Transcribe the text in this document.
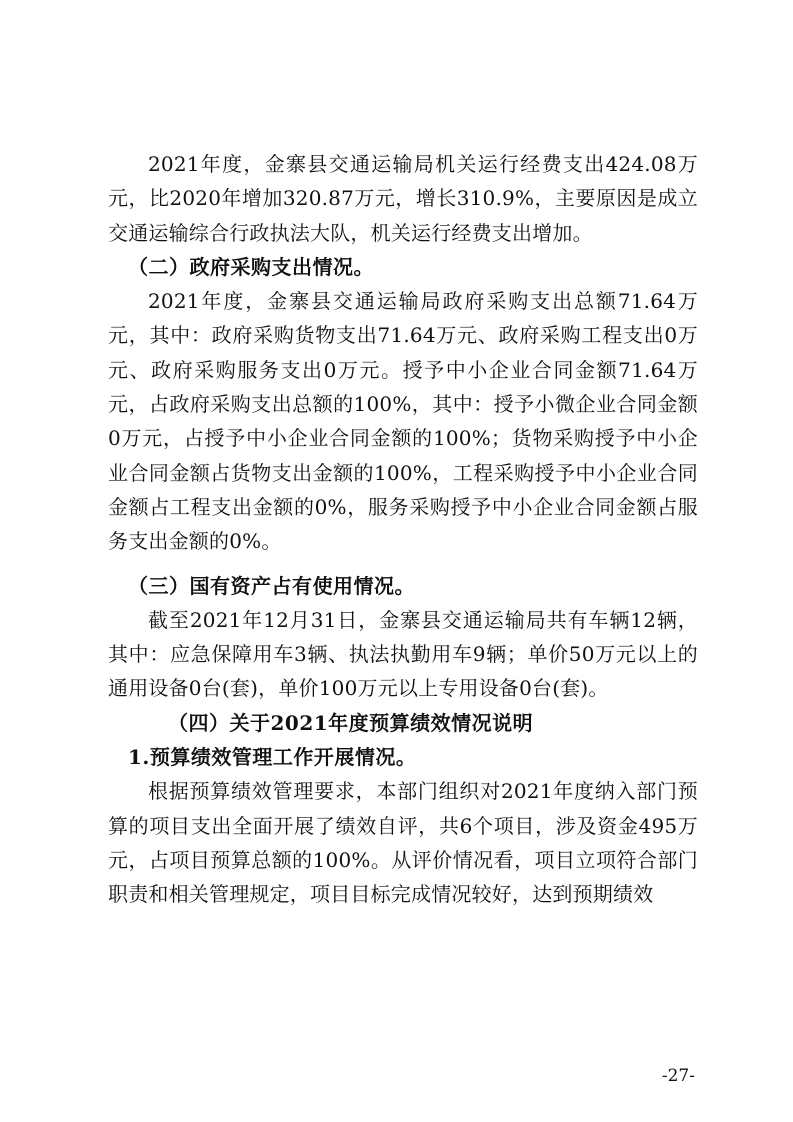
2021年度，金寨县交通运输局机关运行经费支出424.08万元，比2020年增加320.87万元，增长310.9%，主要原因是成立交通运输综合行政执法大队，机关运行经费支出增加。

（二）政府采购支出情况。

2021年度，金寨县交通运输局政府采购支出总额71.64万元，其中：政府采购货物支出71.64万元、政府采购工程支出0万元、政府采购服务支出0万元。授予中小企业合同金额71.64万元，占政府采购支出总额的100%，其中：授予小微企业合同金额0万元，占授予中小企业合同金额的100%；货物采购授予中小企业合同金额占货物支出金额的100%，工程采购授予中小企业合同金额占工程支出金额的0%，服务采购授予中小企业合同金额占服务支出金额的0%。

（三）国有资产占有使用情况。

截至2021年12月31日，金寨县交通运输局共有车辆12辆，其中：应急保障用车3辆、执法执勤用车9辆；单价50万元以上的通用设备0台(套)，单价100万元以上专用设备0台(套)。

（四）关于2021年度预算绩效情况说明

1.预算绩效管理工作开展情况。

根据预算绩效管理要求，本部门组织对2021年度纳入部门预算的项目支出全面开展了绩效自评，共6个项目，涉及资金495万元，占项目预算总额的100%。从评价情况看，项目立项符合部门职责和相关管理规定，项目目标完成情况较好，达到预期绩效

-27-
